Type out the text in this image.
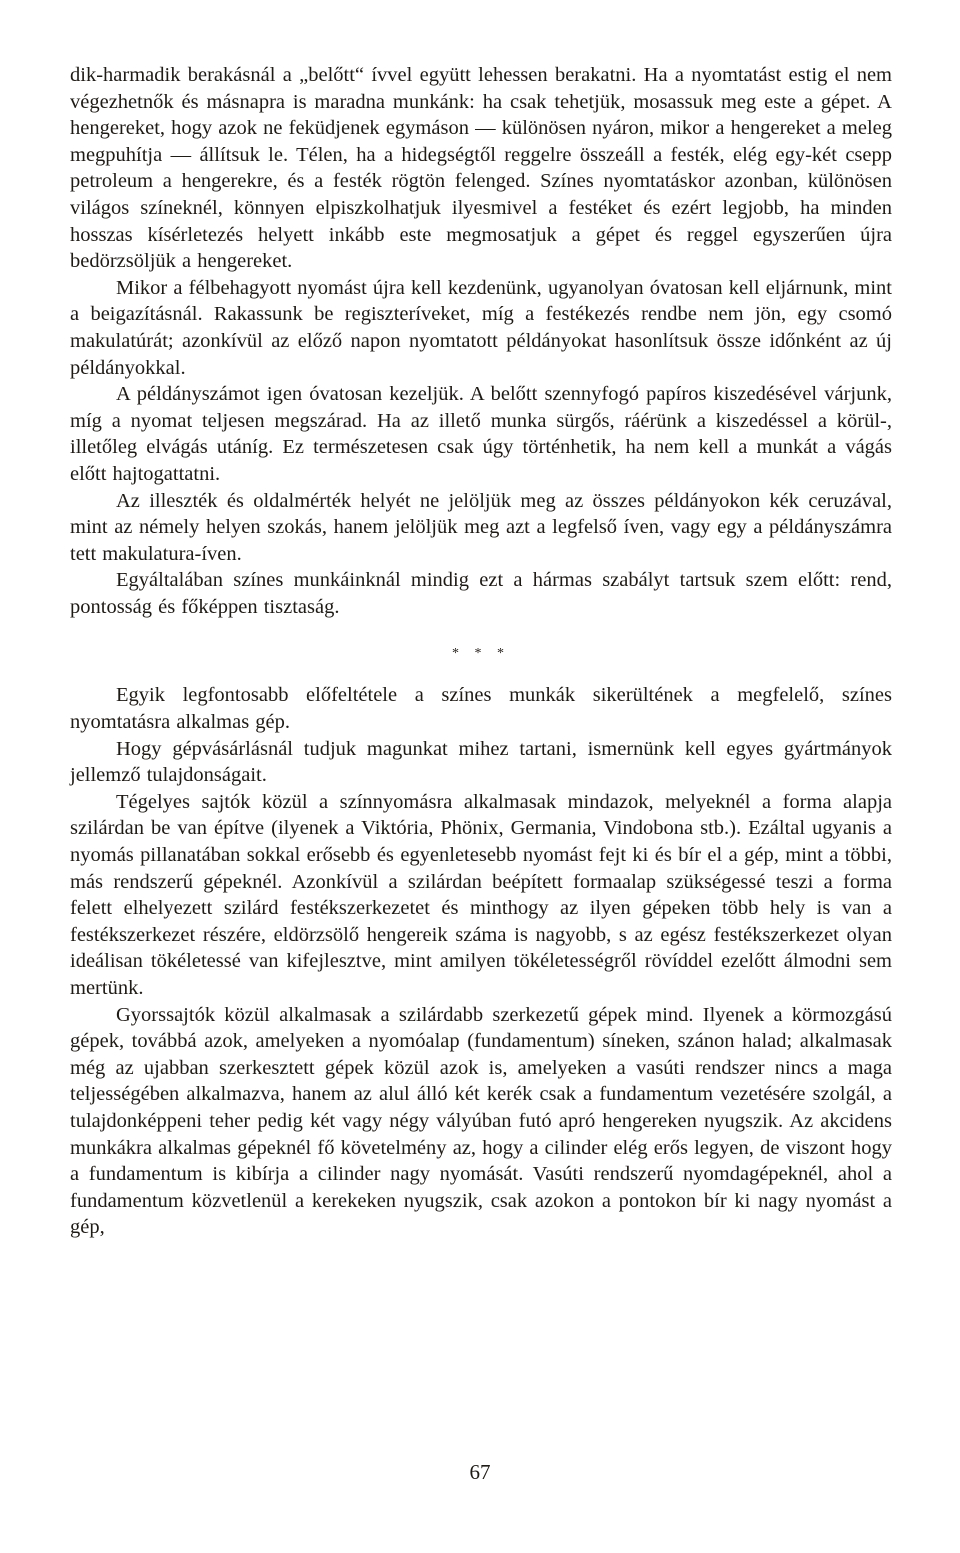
dik-harmadik berakásnál a „belőtt“ ívvel együtt lehessen berakatni. Ha a nyomtatást estig el nem végezhetnők és másnapra is maradna munkánk: ha csak tehetjük, mosassuk meg este a gépet. A hengereket, hogy azok ne feküdjenek egymáson — különösen nyáron, mikor a hengereket a meleg megpuhítja — állítsuk le. Télen, ha a hidegségtől reggelre összeáll a festék, elég egy-két csepp petroleum a hengerekre, és a festék rögtön felenged. Színes nyomtatáskor azonban, különösen világos színeknél, könnyen elpiszkolhatjuk ilyesmivel a festéket és ezért legjobb, ha minden hosszas kísérletezés helyett inkább este megmosatjuk a gépet és reggel egyszerűen újra bedörzsöljük a hengereket.

Mikor a félbehagyott nyomást újra kell kezdenünk, ugyanolyan óvatosan kell eljárnunk, mint a beigazításnál. Rakassunk be regiszteríveket, míg a festékezés rendbe nem jön, egy csomó makulatúrát; azonkívül az előző napon nyomtatott példányokat hasonlítsuk össze időnként az új példányokkal.

A példányszámot igen óvatosan kezeljük. A belőtt szennyfogó papíros kiszedésével várjunk, míg a nyomat teljesen megszárad. Ha az illető munka sürgős, ráérünk a kiszedéssel a körül-, illetőleg elvágás utáníg. Ez természetesen csak úgy történhetik, ha nem kell a munkát a vágás előtt hajtogattatni.

Az illeszték és oldalmérték helyét ne jelöljük meg az összes példányokon kék ceruzával, mint az némely helyen szokás, hanem jelöljük meg azt a legfelső íven, vagy egy a példányszámra tett makulatura-íven.

Egyáltalában színes munkáinknál mindig ezt a hármas szabályt tartsuk szem előtt: rend, pontosság és főképpen tisztaság.

* * *

Egyik legfontosabb előfeltétele a színes munkák sikerültének a megfelelő, színes nyomtatásra alkalmas gép.

Hogy gépvásárlásnál tudjuk magunkat mihez tartani, ismernünk kell egyes gyártmányok jellemző tulajdonságait.

Tégelyes sajtók közül a színnyomásra alkalmasak mindazok, melyeknél a forma alapja szilárdan be van építve (ilyenek a Viktória, Phönix, Germania, Vindobona stb.). Ezáltal ugyanis a nyomás pillanatában sokkal erősebb és egyenletesebb nyomást fejt ki és bír el a gép, mint a többi, más rendszerű gépeknél. Azonkívül a szilárdan beépített formaalap szükségessé teszi a forma felett elhelyezett szilárd festékszerkezetet és minthogy az ilyen gépeken több hely is van a festékszerkezet részére, eldörzsölő hengereik száma is nagyobb, s az egész festékszerkezet olyan ideálisan tökéletessé van kifejlesztve, mint amilyen tökéletességről rövíddel ezelőtt álmodni sem mertünk.

Gyorssajtók közül alkalmasak a szilárdabb szerkezetű gépek mind. Ilyenek a körmozgású gépek, továbbá azok, amelyeken a nyomóalap (fundamentum) síneken, szánon halad; alkalmasak még az ujabban szerkesztett gépek közül azok is, amelyeken a vasúti rendszer nincs a maga teljességében alkalmazva, hanem az alul álló két kerék csak a fundamentum vezetésére szolgál, a tulajdonképpeni teher pedig két vagy négy vályúban futó apró hengereken nyugszik. Az akcidens munkákra alkalmas gépeknél fő követelmény az, hogy a cilinder elég erős legyen, de viszont hogy a fundamentum is kibírja a cilinder nagy nyomását. Vasúti rendszerű nyomdagépeknél, ahol a fundamentum közvetlenül a kerekeken nyugszik, csak azokon a pontokon bír ki nagy nyomást a gép,

67
